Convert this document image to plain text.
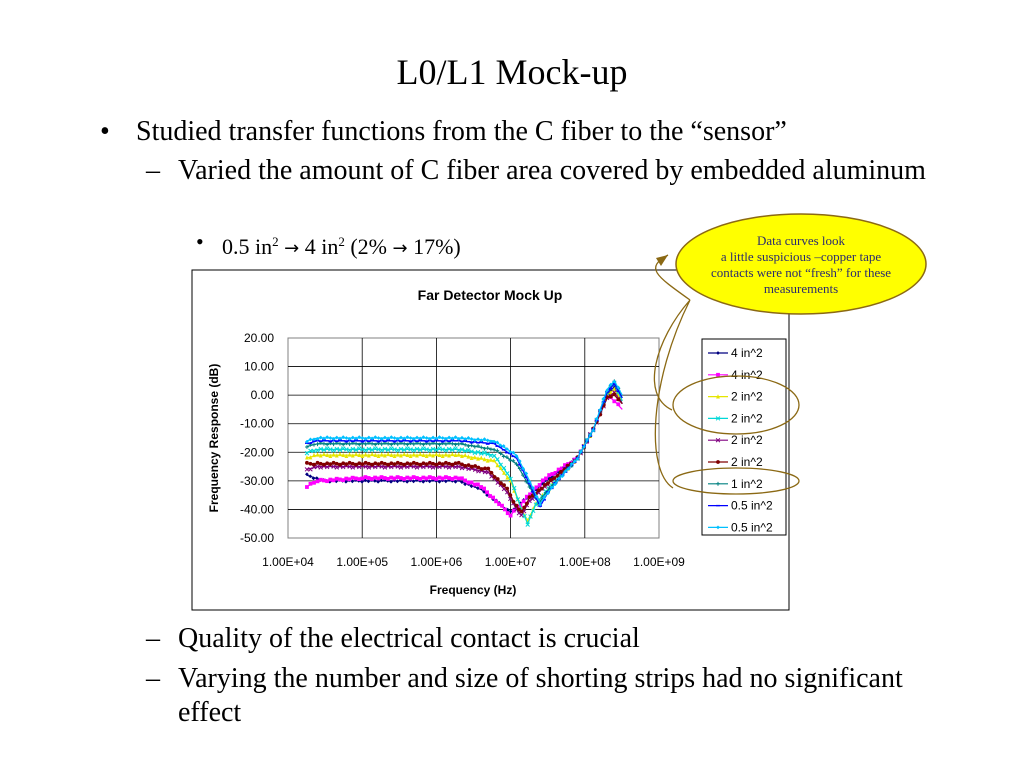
L0/L1 Mock-up
• Studied transfer functions from the C fiber to the “sensor”
– Varied the amount of C fiber area covered by embedded aluminum
• 0.5 $in^2 \to 4$ $in^2$ (2% → 17%)
Far Detector Mock Up
20.00
10.00
0.00
-10.00
-20.00
-30.00
-40.00
-50.00
1.00E+04 1.00E+05 1.00E+06 1.00E+07 1.00E+08 1.00E+09
Frequency (Hz)
Frequency Response (dB)
4 in^2
4 in^2
2 in^2
2 in^2
2 in^2
2 in^2
1 in^2
0.5 in^2
0.5 in^2
Data curves look
a little suspicious –copper tape
contacts were not “fresh” for these
measurements
– Quality of the electrical contact is crucial
– Varying the number and size of shorting strips had no significant effect
